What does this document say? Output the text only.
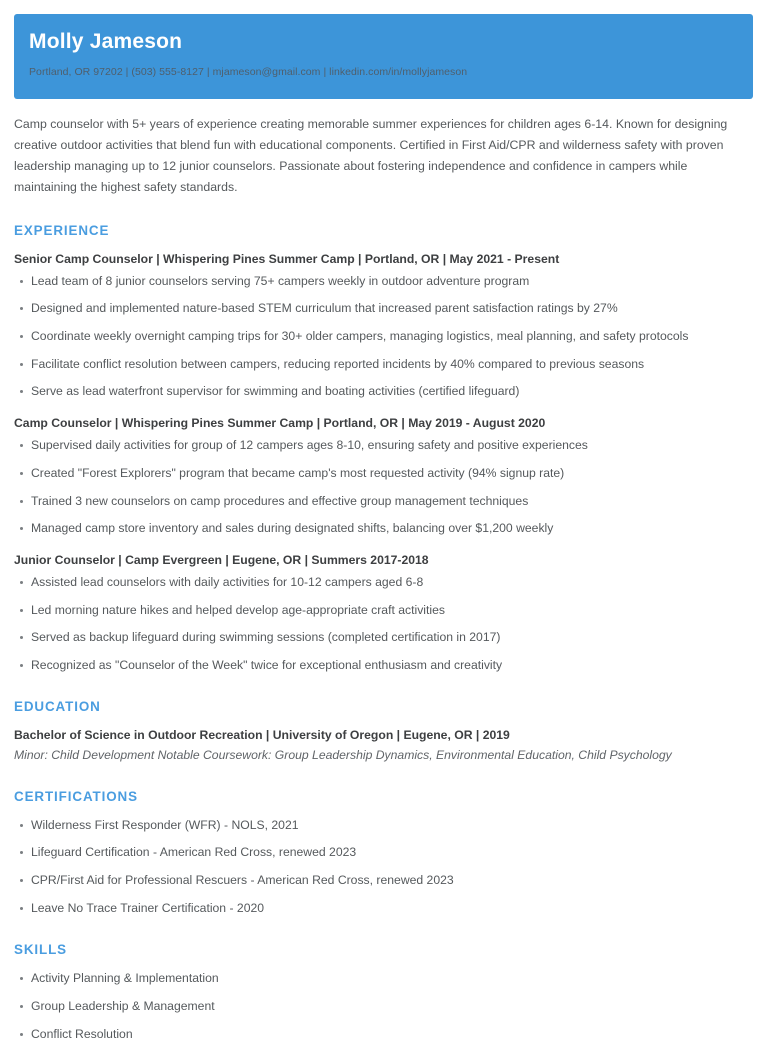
Molly Jameson
Portland, OR 97202 | (503) 555-8127 | mjameson@gmail.com | linkedin.com/in/mollyjameson

Camp counselor with 5+ years of experience creating memorable summer experiences for children ages 6-14. Known for designing creative outdoor activities that blend fun with educational components. Certified in First Aid/CPR and wilderness safety with proven leadership managing up to 12 junior counselors. Passionate about fostering independence and confidence in campers while maintaining the highest safety standards.

EXPERIENCE
Senior Camp Counselor | Whispering Pines Summer Camp | Portland, OR | May 2021 - Present
Lead team of 8 junior counselors serving 75+ campers weekly in outdoor adventure program
Designed and implemented nature-based STEM curriculum that increased parent satisfaction ratings by 27%
Coordinate weekly overnight camping trips for 30+ older campers, managing logistics, meal planning, and safety protocols
Facilitate conflict resolution between campers, reducing reported incidents by 40% compared to previous seasons
Serve as lead waterfront supervisor for swimming and boating activities (certified lifeguard)
Camp Counselor | Whispering Pines Summer Camp | Portland, OR | May 2019 - August 2020
Supervised daily activities for group of 12 campers ages 8-10, ensuring safety and positive experiences
Created "Forest Explorers" program that became camp's most requested activity (94% signup rate)
Trained 3 new counselors on camp procedures and effective group management techniques
Managed camp store inventory and sales during designated shifts, balancing over $1,200 weekly
Junior Counselor | Camp Evergreen | Eugene, OR | Summers 2017-2018
Assisted lead counselors with daily activities for 10-12 campers aged 6-8
Led morning nature hikes and helped develop age-appropriate craft activities
Served as backup lifeguard during swimming sessions (completed certification in 2017)
Recognized as "Counselor of the Week" twice for exceptional enthusiasm and creativity
EDUCATION
Bachelor of Science in Outdoor Recreation | University of Oregon | Eugene, OR | 2019
Minor: Child Development Notable Coursework: Group Leadership Dynamics, Environmental Education, Child Psychology
CERTIFICATIONS
Wilderness First Responder (WFR) - NOLS, 2021
Lifeguard Certification - American Red Cross, renewed 2023
CPR/First Aid for Professional Rescuers - American Red Cross, renewed 2023
Leave No Trace Trainer Certification - 2020
SKILLS
Activity Planning & Implementation
Group Leadership & Management
Conflict Resolution
